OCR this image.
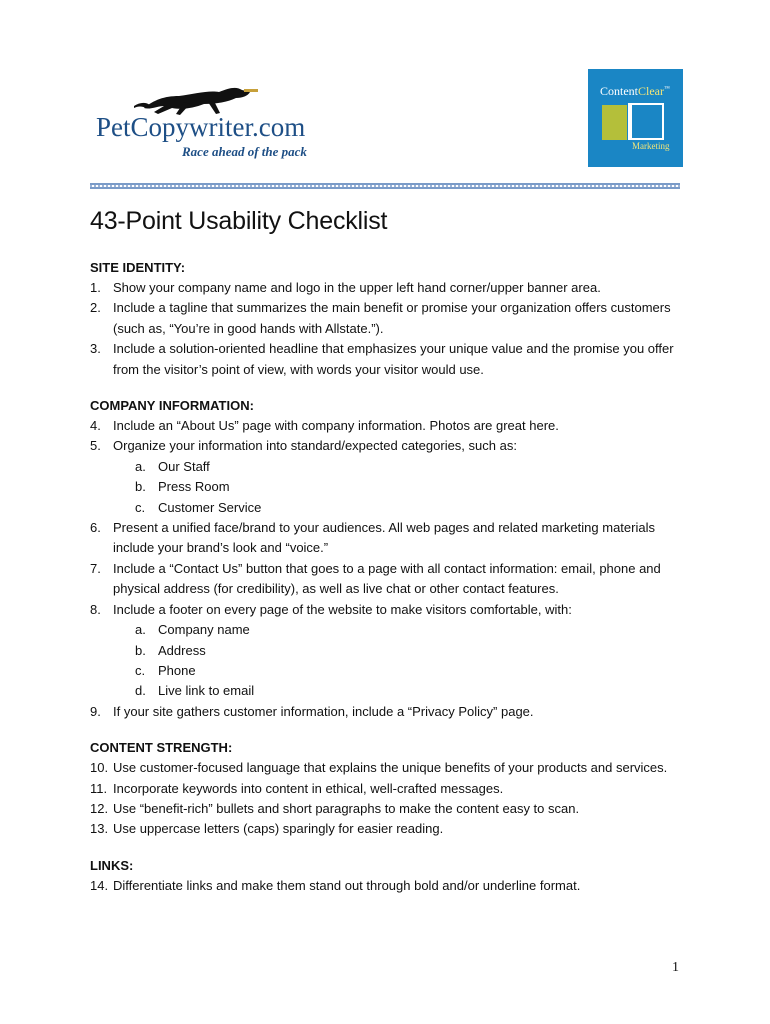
PetCopywriter.com
Race ahead of the pack
ContentClear™
Marketing
43-Point Usability Checklist
SITE IDENTITY:
1. Show your company name and logo in the upper left hand corner/upper banner area.
2. Include a tagline that summarizes the main benefit or promise your organization offers customers (such as, “You’re in good hands with Allstate.”).
3. Include a solution-oriented headline that emphasizes your unique value and the promise you offer from the visitor’s point of view, with words your visitor would use.
COMPANY INFORMATION:
4. Include an “About Us” page with company information. Photos are great here.
5. Organize your information into standard/expected categories, such as:
a. Our Staff
b. Press Room
c. Customer Service
6. Present a unified face/brand to your audiences. All web pages and related marketing materials include your brand’s look and “voice.”
7. Include a “Contact Us” button that goes to a page with all contact information: email, phone and physical address (for credibility), as well as live chat or other contact features.
8. Include a footer on every page of the website to make visitors comfortable, with:
a. Company name
b. Address
c. Phone
d. Live link to email
9. If your site gathers customer information, include a “Privacy Policy” page.
CONTENT STRENGTH:
10. Use customer-focused language that explains the unique benefits of your products and services.
11. Incorporate keywords into content in ethical, well-crafted messages.
12. Use “benefit-rich” bullets and short paragraphs to make the content easy to scan.
13. Use uppercase letters (caps) sparingly for easier reading.
LINKS:
14. Differentiate links and make them stand out through bold and/or underline format.
1
